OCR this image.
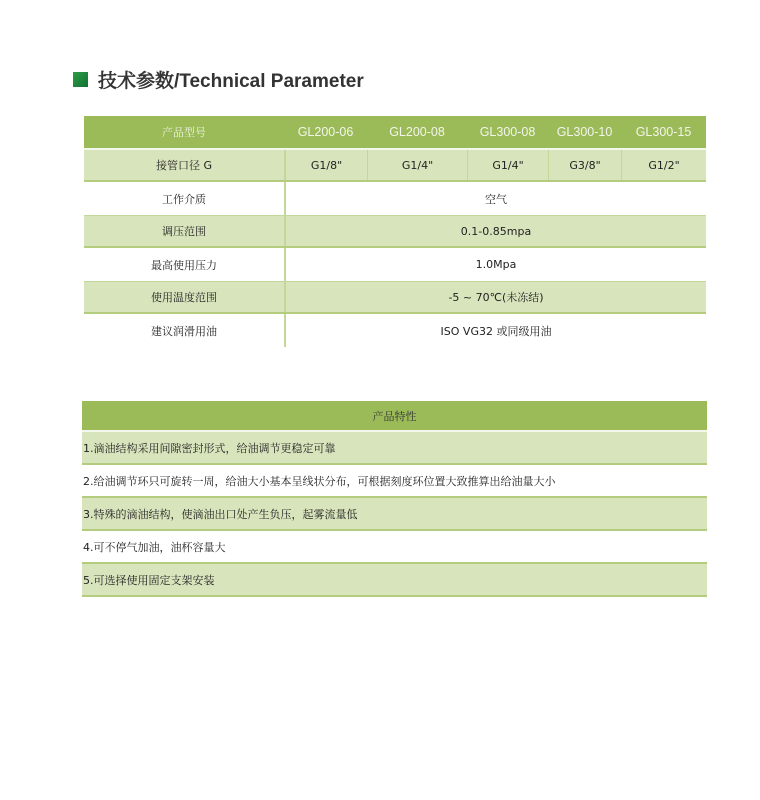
技术参数/Technical Parameter
产品型号	GL200-06	GL200-08	GL300-08	GL300-10	GL300-15
接管口径 G	G1/8"	G1/4"	G1/4"	G3/8"	G1/2"
工作介质	空气
调压范围	0.1-0.85mpa
最高使用压力	1.0Mpa
使用温度范围	-5 ~ 70℃(未冻结)
建议润滑用油	ISO VG32 或同级用油
产品特性
1.滴油结构采用间隙密封形式，给油调节更稳定可靠
2.给油调节环只可旋转一周，给油大小基本呈线状分布，可根据刻度环位置大致推算出给油量大小
3.特殊的滴油结构，使滴油出口处产生负压，起雾流量低
4.可不停气加油，油杯容量大
5.可选择使用固定支架安装
